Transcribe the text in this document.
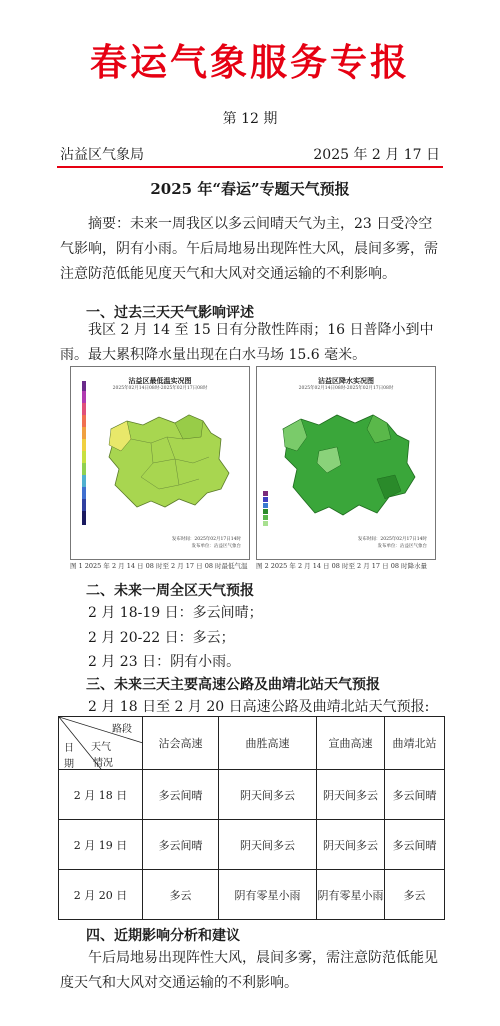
春运气象服务专报
第 12 期
沾益区气象局	2025 年 2 月 17 日
2025 年“春运”专题天气预报
摘要：未来一周我区以多云间晴天气为主，23 日受冷空气影响，阴有小雨。午后局地易出现阵性大风，晨间多雾，需注意防范低能见度天气和大风对交通运输的不利影响。
一、过去三天天气影响评述
我区 2 月 14 至 15 日有分散性阵雨；16 日普降小到中雨。最大累积降水量出现在白水马场 15.6 毫米。
沾益区最低温实况图
2025年02月14日08时-2025年02月17日08时
发布时间：2025年02月17日14时
发布单位：沾益区气象台
沾益区降水实况图
2025年02月14日08时-2025年02月17日08时
发布时间：2025年02月17日14时
发布单位：沾益区气象台
图 1 2025 年 2 月 14 日 08 时至 2 月 17 日 08 时最低气温 图 2 2025 年 2 月 14 日 08 时至 2 月 17 日 08 时降水量
二、未来一周全区天气预报
2 月 18-19 日：多云间晴；
2 月 20-22 日：多云；
2 月 23 日：阴有小雨。
三、未来三天主要高速公路及曲靖北站天气预报
2 月 18 日至 2 月 20 日高速公路及曲靖北站天气预报:
路段
天气
情况
日
期	沾会高速	曲胜高速	宣曲高速	曲靖北站
2 月 18 日	多云间晴	阴天间多云	阴天间多云	多云间晴
2 月 19 日	多云间晴	阴天间多云	阴天间多云	多云间晴
2 月 20 日	多云	阴有零星小雨	阴有零星小雨	多云
四、近期影响分析和建议
午后局地易出现阵性大风，晨间多雾，需注意防范低能见度天气和大风对交通运输的不利影响。
